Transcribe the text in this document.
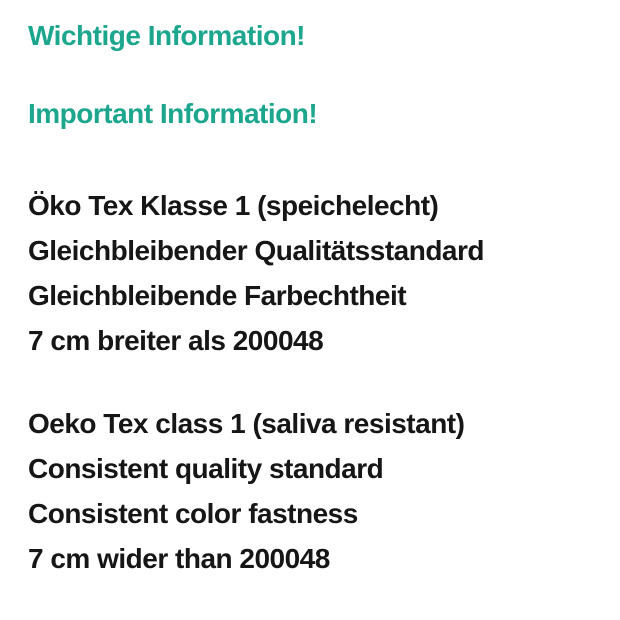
Wichtige Information!
Important Information!

Öko Tex Klasse 1 (speichelecht)

Gleichbleibender Qualitätsstandard

Gleichbleibende Farbechtheit

7 cm breiter als 200048

Oeko Tex class 1 (saliva resistant)

Consistent quality standard

Consistent color fastness

7 cm wider than 200048
